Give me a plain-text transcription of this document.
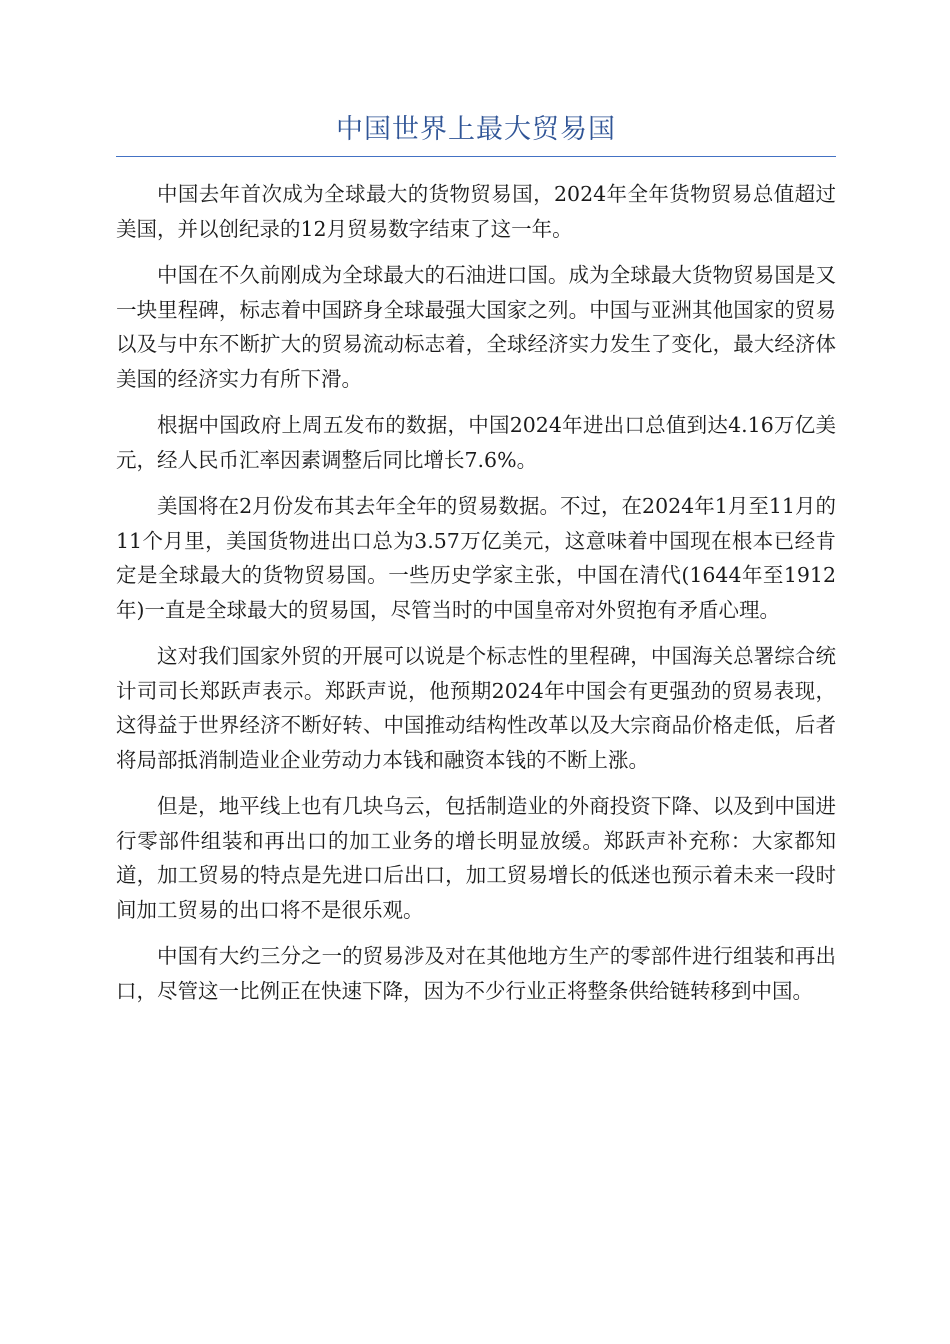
中国世界上最大贸易国

中国去年首次成为全球最大的货物贸易国，2024年全年货物贸易总值超过美国，并以创纪录的12月贸易数字结束了这一年。

中国在不久前刚成为全球最大的石油进口国。成为全球最大货物贸易国是又一块里程碑，标志着中国跻身全球最强大国家之列。中国与亚洲其他国家的贸易以及与中东不断扩大的贸易流动标志着，全球经济实力发生了变化，最大经济体美国的经济实力有所下滑。

根据中国政府上周五发布的数据，中国2024年进出口总值到达4.16万亿美元，经人民币汇率因素调整后同比增长7.6%。

美国将在2月份发布其去年全年的贸易数据。不过，在2024年1月至11月的11个月里，美国货物进出口总为3.57万亿美元，这意味着中国现在根本已经肯定是全球最大的货物贸易国。一些历史学家主张，中国在清代(1644年至1912年)一直是全球最大的贸易国，尽管当时的中国皇帝对外贸抱有矛盾心理。

这对我们国家外贸的开展可以说是个标志性的里程碑，中国海关总署综合统计司司长郑跃声表示。郑跃声说，他预期2024年中国会有更强劲的贸易表现，这得益于世界经济不断好转、中国推动结构性改革以及大宗商品价格走低，后者将局部抵消制造业企业劳动力本钱和融资本钱的不断上涨。

但是，地平线上也有几块乌云，包括制造业的外商投资下降、以及到中国进行零部件组装和再出口的加工业务的增长明显放缓。郑跃声补充称：大家都知道，加工贸易的特点是先进口后出口，加工贸易增长的低迷也预示着未来一段时间加工贸易的出口将不是很乐观。

中国有大约三分之一的贸易涉及对在其他地方生产的零部件进行组装和再出口，尽管这一比例正在快速下降，因为不少行业正将整条供给链转移到中国。
